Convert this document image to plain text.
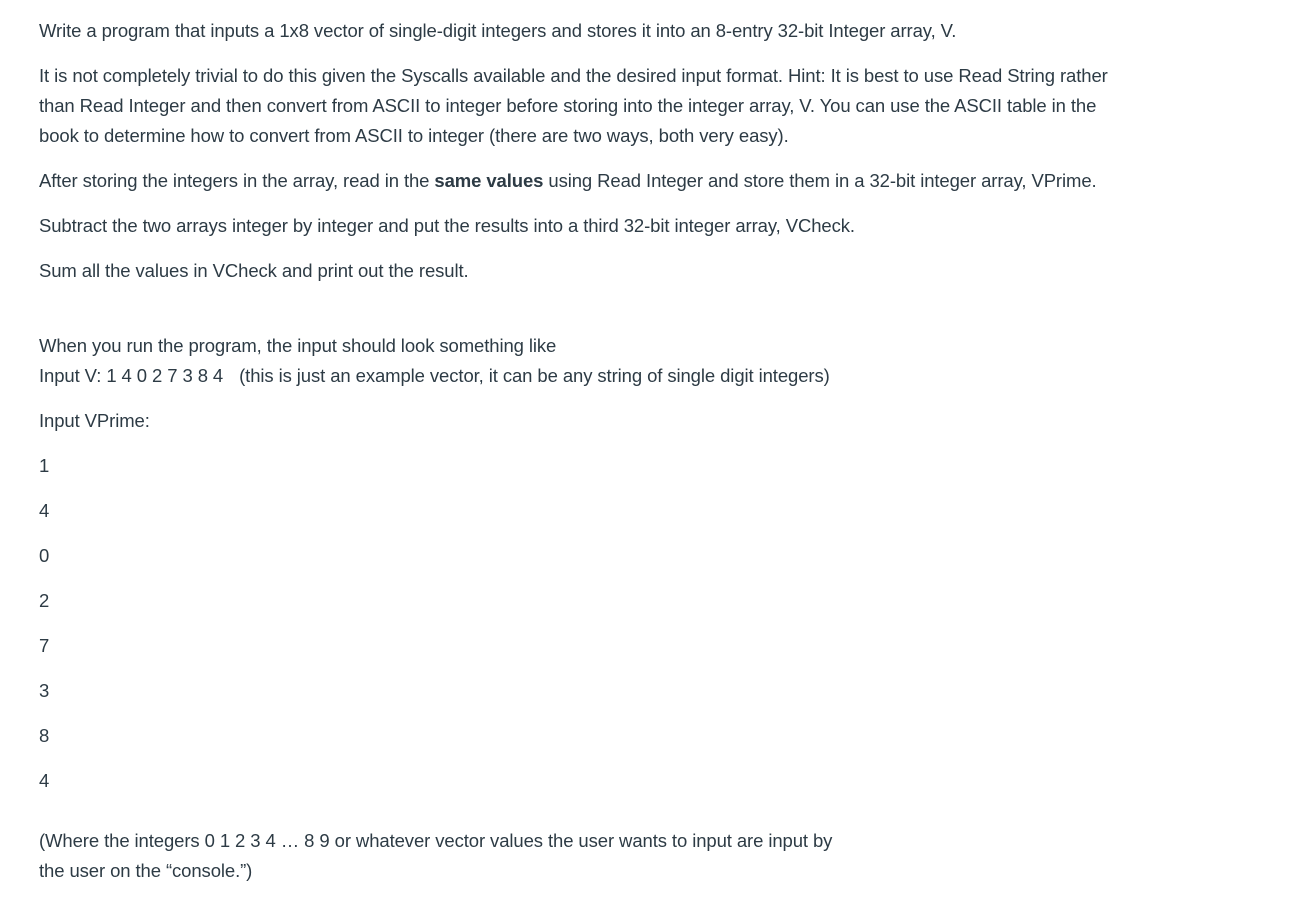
Write a program that inputs a 1x8 vector of single-digit integers and stores it into an 8-entry 32-bit Integer array, V.
It is not completely trivial to do this given the Syscalls available and the desired input format. Hint: It is best to use Read String rather
than Read Integer and then convert from ASCII to integer before storing into the integer array, V. You can use the ASCII table in the
book to determine how to convert from ASCII to integer (there are two ways, both very easy).
After storing the integers in the array, read in the same values using Read Integer and store them in a 32-bit integer array, VPrime.
Subtract the two arrays integer by integer and put the results into a third 32-bit integer array, VCheck.
Sum all the values in VCheck and print out the result.
When you run the program, the input should look something like
Input V: 1 4 0 2 7 3 8 4 (this is just an example vector, it can be any string of single digit integers)
Input VPrime:
1
4
0
2
7
3
8
4
(Where the integers 0 1 2 3 4 … 8 9 or whatever vector values the user wants to input are input by
the user on the “console.”)
